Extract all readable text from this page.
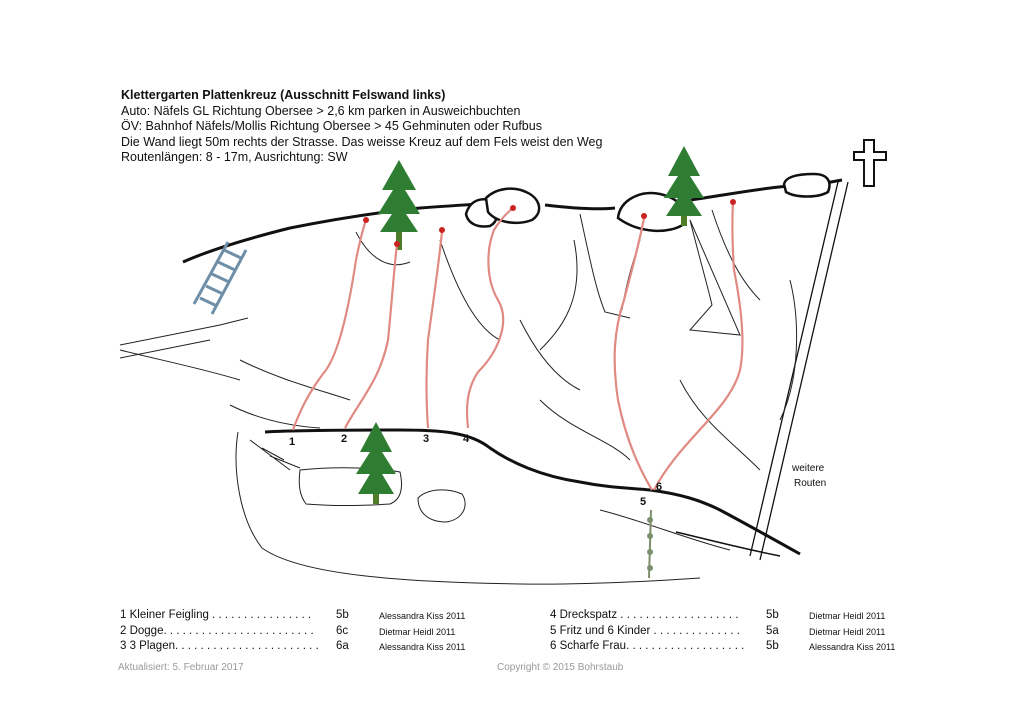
Klettergarten Plattenkreuz (Ausschnitt Felswand links)
Auto: Näfels GL Richtung Obersee > 2,6 km parken in Ausweichbuchten
ÖV: Bahnhof Näfels/Mollis Richtung Obersee > 45 Gehminuten oder Rufbus
Die Wand liegt 50m rechts der Strasse. Das weisse Kreuz auf dem Fels weist den Weg
Routenlängen: 8 - 17m, Ausrichtung: SW
1	2	3	4
5
6
weitere
Routen
1 Kleiner Feigling . . . . . . . . . . . . . . . . 5b	Alessandra Kiss 2011
2 Dogge. . . . . . . . . . . . . . . . . . . . . . . . 6c	Dietmar Heidl 2011
3 3 Plagen. . . . . . . . . . . . . . . . . . . . . . . 6a	Alessandra Kiss 2011
4 Dreckspatz . . . . . . . . . . . . . . . . . . . 5b	Dietmar Heidl 2011
5 Fritz und 6 Kinder . . . . . . . . . . . . . . 5a	Dietmar Heidl 2011
6 Scharfe Frau. . . . . . . . . . . . . . . . . . . 5b	Alessandra Kiss 2011
Aktualisiert: 5. Februar 2017	Copyright © 2015 Bohrstaub
